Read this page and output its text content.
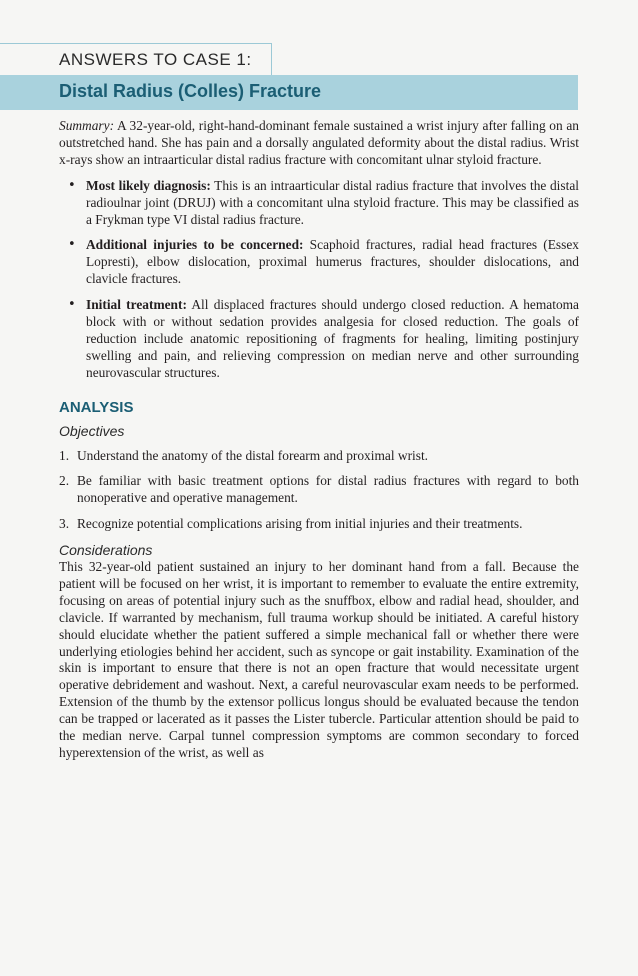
ANSWERS TO CASE 1:
Distal Radius (Colles) Fracture

Summary: A 32-year-old, right-hand-dominant female sustained a wrist injury after falling on an outstretched hand. She has pain and a dorsally angulated deformity about the distal radius. Wrist x-rays show an intraarticular distal radius fracture with concomitant ulnar styloid fracture.

• Most likely diagnosis: This is an intraarticular distal radius fracture that involves the distal radioulnar joint (DRUJ) with a concomitant ulna styloid fracture. This may be classified as a Frykman type VI distal radius fracture.
• Additional injuries to be concerned: Scaphoid fractures, radial head fractures (Essex Lopresti), elbow dislocation, proximal humerus fractures, shoulder dislocations, and clavicle fractures.
• Initial treatment: All displaced fractures should undergo closed reduction. A hematoma block with or without sedation provides analgesia for closed reduction. The goals of reduction include anatomic repositioning of fragments for healing, limiting postinjury swelling and pain, and relieving compression on median nerve and other surrounding neurovascular structures.
ANALYSIS
Objectives
1. Understand the anatomy of the distal forearm and proximal wrist.
2. Be familiar with basic treatment options for distal radius fractures with regard to both nonoperative and operative management.
3. Recognize potential complications arising from initial injuries and their treatments.
Considerations

This 32-year-old patient sustained an injury to her dominant hand from a fall. Because the patient will be focused on her wrist, it is important to remember to evaluate the entire extremity, focusing on areas of potential injury such as the snuffbox, elbow and radial head, shoulder, and clavicle. If warranted by mechanism, full trauma workup should be initiated. A careful history should elucidate whether the patient suffered a simple mechanical fall or whether there were underlying etiologies behind her accident, such as syncope or gait instability. Examination of the skin is important to ensure that there is not an open fracture that would necessitate urgent operative debridement and washout. Next, a careful neurovascular exam needs to be performed. Extension of the thumb by the extensor pollicus longus should be evaluated because the tendon can be trapped or lacerated as it passes the Lister tubercle. Particular attention should be paid to the median nerve. Carpal tunnel compression symptoms are common secondary to forced hyperextension of the wrist, as well as
